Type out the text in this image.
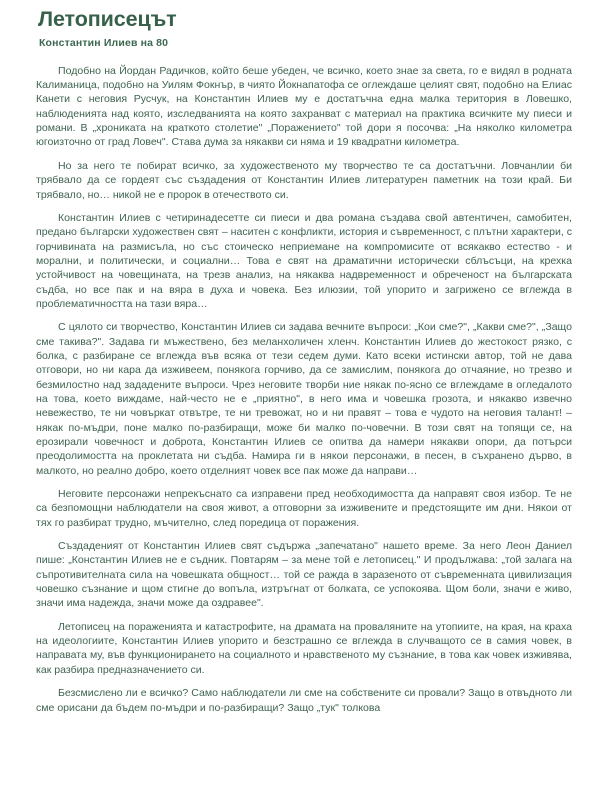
Летописецът
Константин Илиев на 80

Подобно на Йордан Радичков, който беше убеден, че всичко, което знае за света, го е видял в родната Калиманица, подобно на Уилям Фокнър, в чиято Йокнапатофа се оглеждаше целият свят, подобно на Елиас Канети с неговия Русчук, на Константин Илиев му е достатъчна една малка територия в Ловешко, наблюденията над която, изследванията на която захранват с материал на практика всичките му пиеси и романи. В „хрониката на краткото столетие" „Поражението" той дори я посочва: „На няколко километра югоизточно от град Ловеч". Става дума за някакви си няма и 19 квадратни километра.

Но за него те побират всичко, за художественото му творчество те са достатъчни. Ловчанлии би трябвало да се гордеят със създадения от Константин Илиев литературен паметник на този край. Би трябвало, но… никой не е пророк в отечеството си.

Константин Илиев с четиринадесетте си пиеси и два романа създава свой автентичен, самобитен, предано български художествен свят – наситен с конфликти, история и съвременност, с плътни характери, с горчивината на размисъла, но със стоическо неприемане на компромисите от всякакво естество - и морални, и политически, и социални… Това е свят на драматични исторически сблъсъци, на крехка устойчивост на човещината, на трезв анализ, на някаква надвременност и обреченост на българската съдба, но все пак и на вяра в духа и човека. Без илюзии, той упорито и загрижено се вглежда в проблематичността на тази вяра…

С цялото си творчество, Константин Илиев си задава вечните въпроси: „Кои сме?", „Какви сме?", „Защо сме такива?". Задава ги мъжествено, без меланхоличен хленч. Константин Илиев до жестокост рязко, с болка, с разбиране се вглежда във всяка от тези седем думи. Като всеки истински автор, той не дава отговори, но ни кара да изживеем, понякога горчиво, да се замислим, понякога до отчаяние, но трезво и безмилостно над зададените въпроси. Чрез неговите творби ние някак по-ясно се вглеждаме в огледалото на това, което виждаме, най-често не е „приятно", в него има и човешка грозота, и някакво извечно невежество, те ни човъркат отвътре, те ни тревожат, но и ни правят – това е чудото на неговия талант! – някак по-мъдри, поне малко по-разбиращи, може би малко по-човечни. В този свят на топящи се, на ерозирали човечност и доброта, Константин Илиев се опитва да намери някакви опори, да потърси преодолимостта на проклетата ни съдба. Намира ги в някои персонажи, в песен, в съхранено дърво, в малкото, но реално добро, което отделният човек все пак може да направи…

Неговите персонажи непрекъснато са изправени пред необходимостта да направят своя избор. Те не са безпомощни наблюдатели на своя живот, а отговорни за изживените и предстоящите им дни. Някои от тях го разбират трудно, мъчително, след поредица от поражения.

Създаденият от Константин Илиев свят съдържа „запечатано" нашето време. За него Леон Даниел пише: „Константин Илиев не е съдник. Повтарям – за мене той е летописец." И продължава: „той залага на съпротивителната сила на човешката общност… той се ражда в заразеното от съвременната цивилизация човешко съзнание и щом стигне до вопъла, изтръгнат от болката, се успокоява. Щом боли, значи е живо, значи има надежда, значи може да оздравее".

Летописец на пораженията и катастрофите, на драмата на проваляните на утопиите, на края, на краха на идеологиите, Константин Илиев упорито и безстрашно се вглежда в случващото се в самия човек, в направата му, във функционирането на социалното и нравственото му съзнание, в това как човек изживява, как разбира предназначението си.

Безсмислено ли е всичко? Само наблюдатели ли сме на собствените си провали? Защо в отвъдното ли сме орисани да бъдем по-мъдри и по-разбиращи? Защо „тук" толкова
